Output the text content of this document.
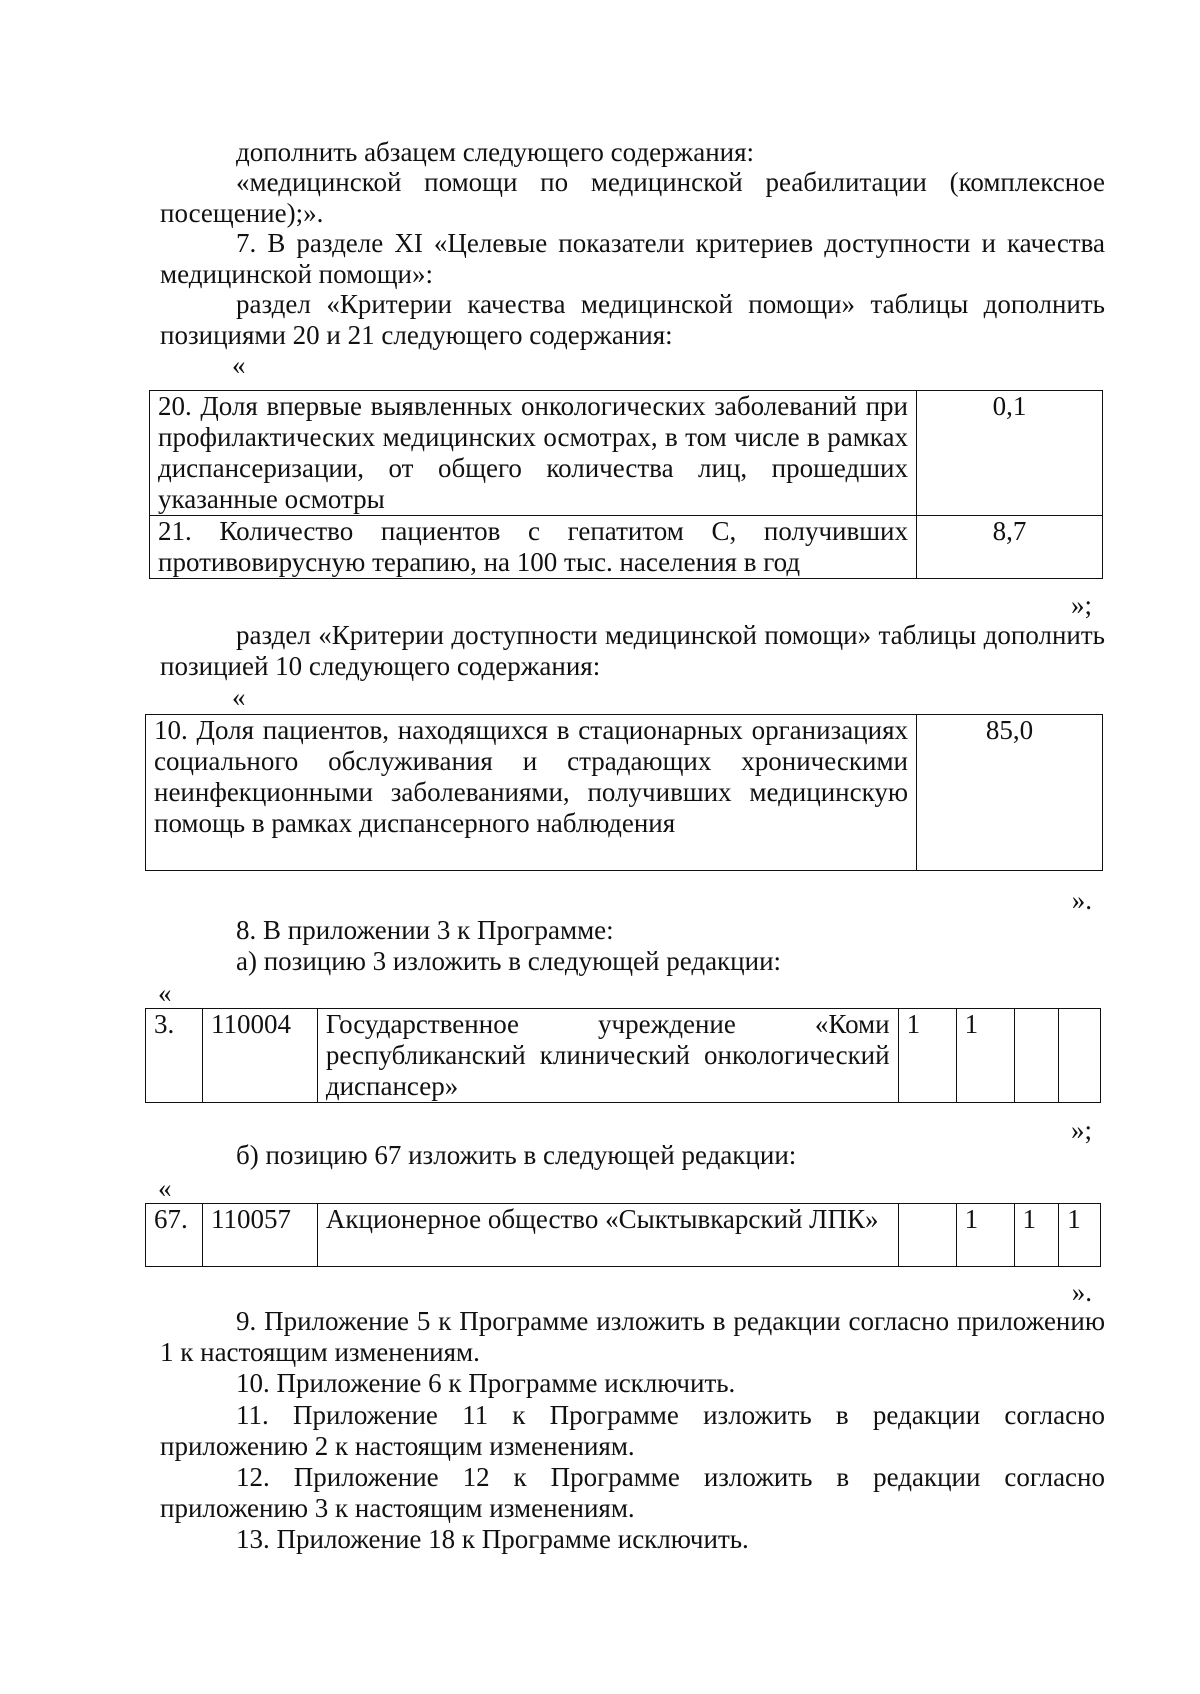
дополнить абзацем следующего содержания:

«медицинской помощи по медицинской реабилитации (комплексное посещение);».

7. В разделе XI «Целевые показатели критериев доступности и качества медицинской помощи»:

раздел «Критерии качества медицинской помощи» таблицы дополнить позициями 20 и 21 следующего содержания:

«
20. Доля впервые выявленных онкологических заболеваний при профилактических медицинских осмотрах, в том числе в рамках диспансеризации, от общего количества лиц, прошедших указанные осмотры	0,1
21. Количество пациентов с гепатитом С, получивших противовирусную терапию, на 100 тыс. населения в год	8,7
»;

раздел «Критерии доступности медицинской помощи» таблицы дополнить позицией 10 следующего содержания:

«
10. Доля пациентов, находящихся в стационарных организациях социального обслуживания и страдающих хроническими неинфекционными заболеваниями, получивших медицинскую помощь в рамках диспансерного наблюдения	85,0
».

8. В приложении 3 к Программе:

а) позицию 3 изложить в следующей редакции:

«
3.	110004	Государственное учреждение «Коми республиканский клинический онкологический диспансер»	1	1		
»;

б) позицию 67 изложить в следующей редакции:

«
67.	110057	Акционерное общество «Сыктывкарский ЛПК»		1	1	1
».

9. Приложение 5 к Программе изложить в редакции согласно приложению 1 к настоящим изменениям.

10. Приложение 6 к Программе исключить.

11. Приложение 11 к Программе изложить в редакции согласно приложению 2 к настоящим изменениям.

12. Приложение 12 к Программе изложить в редакции согласно приложению 3 к настоящим изменениям.

13. Приложение 18 к Программе исключить.
